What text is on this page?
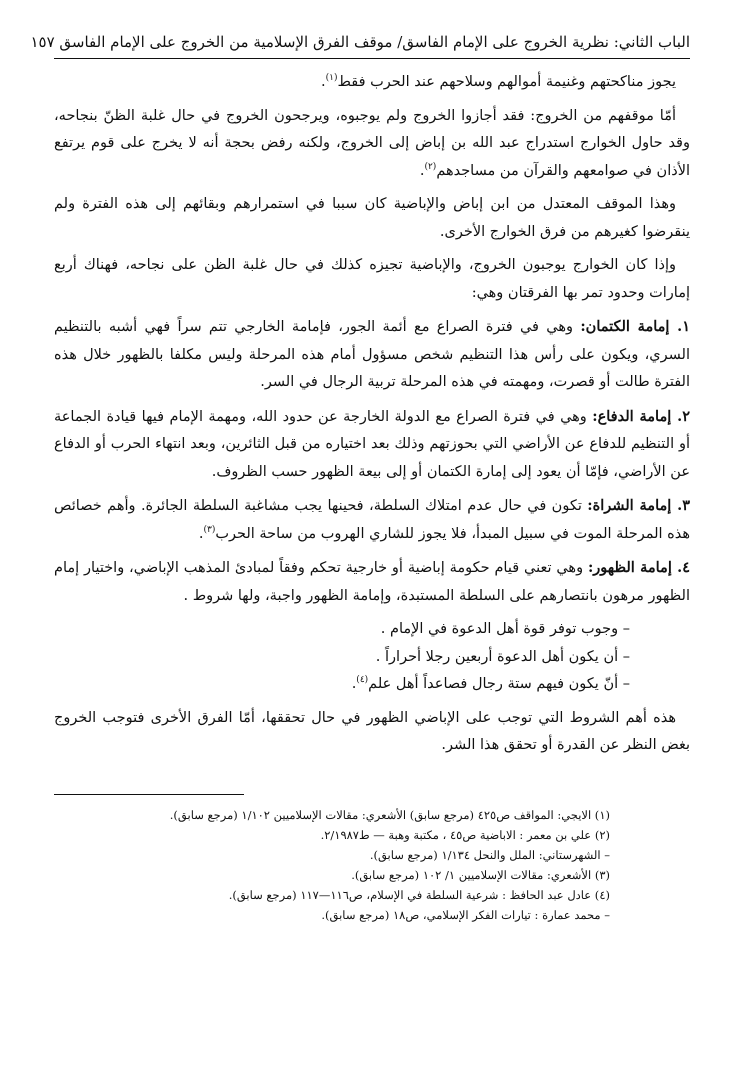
الباب الثاني: نظرية الخروج على الإمام الفاسق/ موقف الفرق الإسلامية من الخروج على الإمام الفاسق ١٥٧

يجوز مناكحتهم وغنيمة أموالهم وسلاحهم عند الحرب فقط$^{(١)}$.

أمّا موقفهم من الخروج: فقد أجازوا الخروج ولم يوجبوه، ويرجحون الخروج في حال غلبة الظنّ بنجاحه، وقد حاول الخوارج استدراج عبد الله بن إباض إلى الخروج، ولكنه رفض بحجة أنه لا يخرج على قوم يرتفع الأذان في صوامعهم والقرآن من مساجدهم$^{(٢)}$.

وهذا الموقف المعتدل من ابن إباض والإباضية كان سببا في استمرارهم وبقائهم إلى هذه الفترة ولم ينقرضوا كغيرهم من فرق الخوارج الأخرى.

وإذا كان الخوارج يوجبون الخروج، والإباضية تجيزه كذلك في حال غلبة الظن على نجاحه، فهناك أربع إمارات وحدود تمر بها الفرقتان وهي:

١. إمامة الكتمان: وهي في فترة الصراع مع أئمة الجور، فإمامة الخارجي تتم سراً فهي أشبه بالتنظيم السري، ويكون على رأس هذا التنظيم شخص مسؤول أمام هذه المرحلة وليس مكلفا بالظهور خلال هذه الفترة طالت أو قصرت، ومهمته في هذه المرحلة تربية الرجال في السر.

٢. إمامة الدفاع: وهي في فترة الصراع مع الدولة الخارجة عن حدود الله، ومهمة الإمام فيها قيادة الجماعة أو التنظيم للدفاع عن الأراضي التي بحوزتهم وذلك بعد اختياره من قبل الثائرين، وبعد انتهاء الحرب أو الدفاع عن الأراضي، فإمّا أن يعود إلى إمارة الكتمان أو إلى بيعة الظهور حسب الظروف.

٣. إمامة الشراة: تكون في حال عدم امتلاك السلطة، فحينها يجب مشاغبة السلطة الجائرة. وأهم خصائص هذه المرحلة الموت في سبيل المبدأ، فلا يجوز للشاري الهروب من ساحة الحرب$^{(٣)}$.

٤. إمامة الظهور: وهي تعني قيام حكومة إباضية أو خارجية تحكم وفقاً لمبادئ المذهب الإباضي، واختيار إمام الظهور مرهون بانتصارهم على السلطة المستبدة، وإمامة الظهور واجبة، ولها شروط .

– وجوب توفر قوة أهل الدعوة في الإمام .
– أن يكون أهل الدعوة أربعين رجلا أحراراً .
– أنّ يكون فيهم ستة رجال فصاعداً أهل علم$^{(٤)}$.

هذه أهم الشروط التي توجب على الإباضي الظهور في حال تحققها، أمّا الفرق الأخرى فتوجب الخروج بغض النظر عن القدرة أو تحقق هذا الشر.

(١) الايجي: المواقف ص٤٢٥ (مرجع سابق) الأشعري: مقالات الإسلاميين ١/١٠٢ (مرجع سابق).
(٢) علي بن معمر : الاباضية ص٤٥ ، مكتبة وهبة — ط٢/١٩٨٧.
– الشهرستاني: الملل والنحل ١/١٣٤ (مرجع سابق).
(٣) الأشعري: مقالات الإسلاميين ١/ ١٠٢ (مرجع سابق).
(٤) عادل عبد الحافظ : شرعية السلطة في الإسلام، ص١١٦—١١٧ (مرجع سابق).
– محمد عمارة : تيارات الفكر الإسلامي، ص١٨ (مرجع سابق).
